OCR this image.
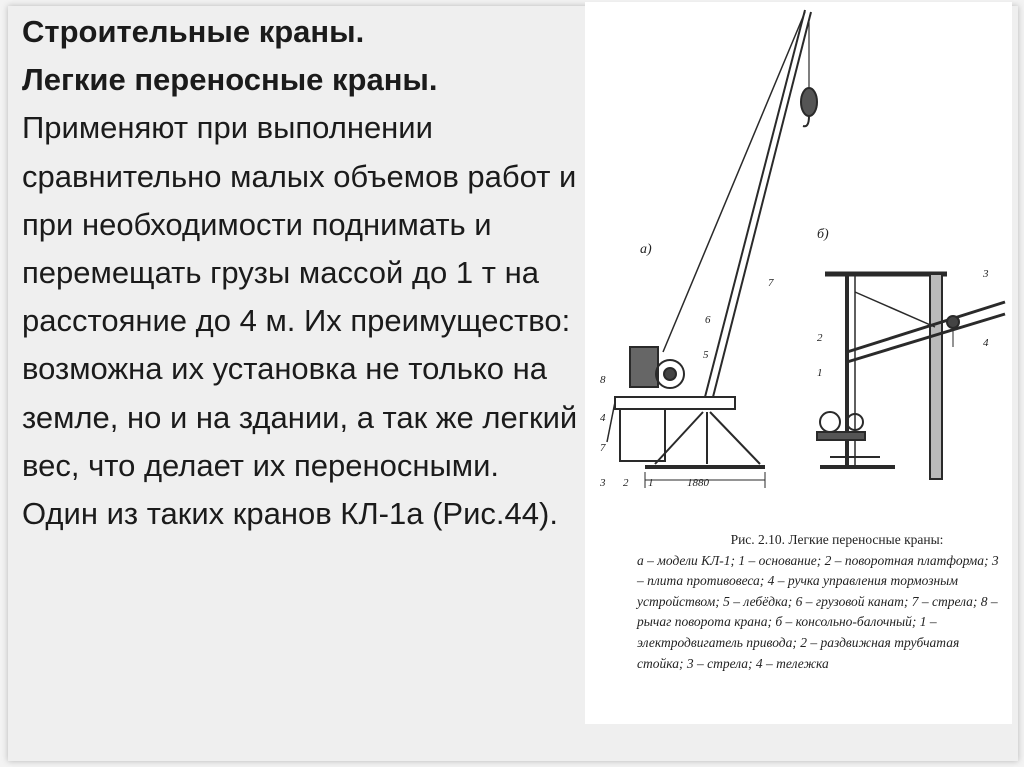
Строительные краны.
Легкие переносные краны.
Применяют при выполнении сравнительно малых объемов работ и при необходимости поднимать и перемещать грузы массой до 1 т на расстояние до 4 м. Их преимущество: возможна их установка не только на земле, но и на здании, а так же легкий вес, что делает их переносными. Один из таких кранов КЛ-1а (Рис.44).
а)
б)
1880
8
7
6
5
4
3 2 1
7
3
4
2
1
Рис. 2.10. Легкие переносные краны:
а – модели КЛ-1; 1 – основание; 2 – поворотная платформа; 3 – плита противовеса; 4 – ручка управления тормозным устройством; 5 – лебёдка; 6 – грузовой канат; 7 – стрела; 8 – рычаг поворота крана; б – консольно-балочный; 1 – электродвигатель привода; 2 – раздвижная трубчатая стойка; 3 – стрела; 4 – тележка
